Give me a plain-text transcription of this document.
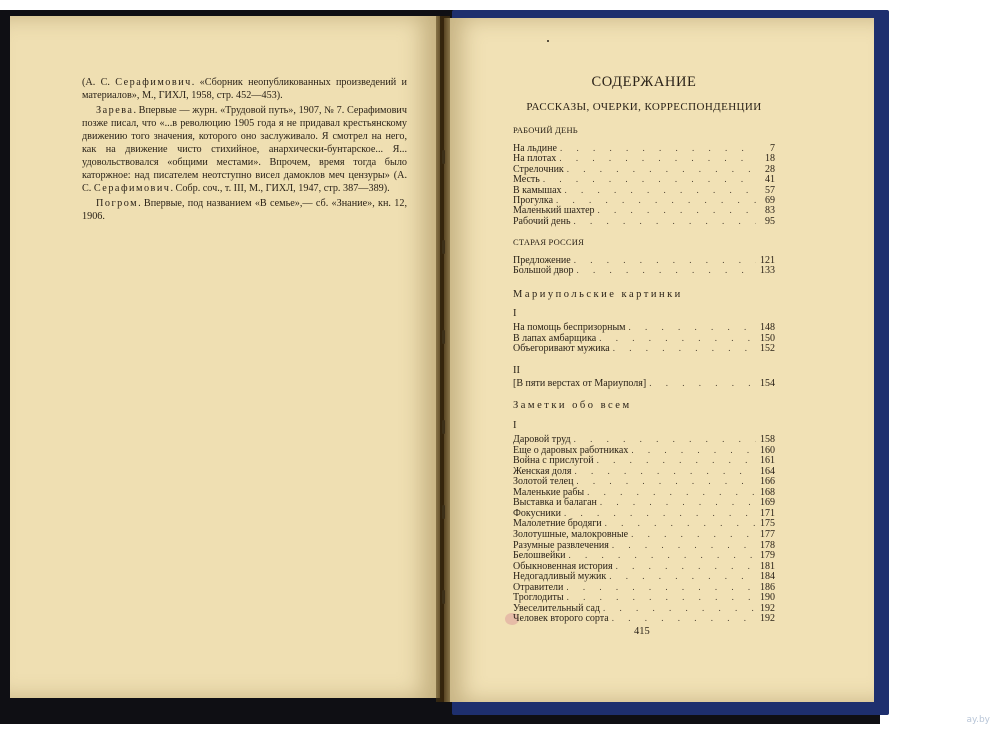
(А. С. Серафимович. «Сборник неопубликованных произведений и материалов», М., ГИХЛ, 1958, стр. 452—453).

Зарева. Впервые — журн. «Трудовой путь», 1907, № 7. Серафимович позже писал, что «...в революцию 1905 года я не придавал крестьянскому движению того значения, которого оно заслуживало. Я смотрел на него, как на движение чисто стихийное, анархически-бунтарское... Я... удовольствовался «общими местами». Впрочем, время тогда было каторжное: над писателем неотступно висел дамоклов меч цензуры» (А. С. Серафимович. Собр. соч., т. III, М., ГИХЛ, 1947, стр. 387—389).

Погром. Впервые, под названием «В семье»,— сб. «Знание», кн. 12, 1906.

СОДЕРЖАНИЕ
РАССКАЗЫ, ОЧЕРКИ, КОРРЕСПОНДЕНЦИИ
РАБОЧИЙ ДЕНЬ
СТАРАЯ РОССИЯ
Мариупольские картинки
I
II
Заметки обо всем
I
На льдине . . .	7
На плотах . . .	18
Стрелочник . . .	28
Месть . . .	41
В камышах . . .	57
Прогулка . . .	69
Маленький шахтер . . .	83
Рабочий день . . .	95
Предложение . . .	121
Большой двор . . .	133
На помощь беспризорным . . .	148
В лапах амбарщика . . .	150
Объегоривают мужика . . .	152
[В пяти верстах от Мариуполя] . . .	154
Даровой труд . . .	158
Еще о даровых работниках . . .	160
Война с прислугой . . .	161
Женская доля . . .	164
Золотой телец . . .	166
Маленькие рабы . . .	168
Выставка и балаган . . .	169
Фокусники . . .	171
Малолетние бродяги . . .	175
Золотушные, малокровные . . .	177
Разумные развлечения . . .	178
Белошвейки . . .	179
Обыкновенная история . . .	181
Недогадливый мужик . . .	184
Отравители . . .	186
Троглодиты . . .	190
Увеселительный сад . . .	192
Человек второго сорта . . .	192
415
ay.by
